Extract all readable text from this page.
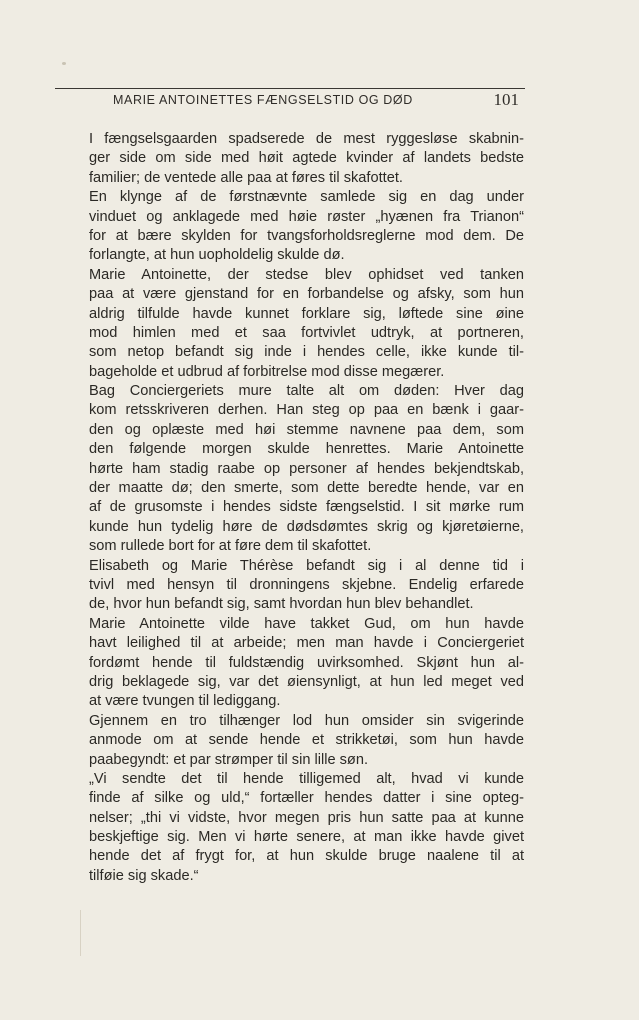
MARIE ANTOINETTES FÆNGSELSTID OG DØD	101
I fængselsgaarden spadserede de mest ryggesløse skabnin-
ger side om side med høit agtede kvinder af landets bedste
familier; de ventede alle paa at føres til skafottet.
En klynge af de førstnævnte samlede sig en dag under
vinduet og anklagede med høie røster „hyænen fra Trianon“
for at bære skylden for tvangsforholdsreglerne mod dem. De
forlangte, at hun uopholdelig skulde dø.
Marie Antoinette, der stedse blev ophidset ved tanken
paa at være gjenstand for en forbandelse og afsky, som hun
aldrig tilfulde havde kunnet forklare sig, løftede sine øine
mod himlen med et saa fortvivlet udtryk, at portneren,
som netop befandt sig inde i hendes celle, ikke kunde til-
bageholde et udbrud af forbitrelse mod disse megærer.
Bag Conciergeriets mure talte alt om døden: Hver dag
kom retsskriveren derhen. Han steg op paa en bænk i gaar-
den og oplæste med høi stemme navnene paa dem, som
den følgende morgen skulde henrettes. Marie Antoinette
hørte ham stadig raabe op personer af hendes bekjendtskab,
der maatte dø; den smerte, som dette beredte hende, var en
af de grusomste i hendes sidste fængselstid. I sit mørke rum
kunde hun tydelig høre de dødsdømtes skrig og kjøretøierne,
som rullede bort for at føre dem til skafottet.
Elisabeth og Marie Thérèse befandt sig i al denne tid i
tvivl med hensyn til dronningens skjebne. Endelig erfarede
de, hvor hun befandt sig, samt hvordan hun blev behandlet.
Marie Antoinette vilde have takket Gud, om hun havde
havt leilighed til at arbeide; men man havde i Conciergeriet
fordømt hende til fuldstændig uvirksomhed. Skjønt hun al-
drig beklagede sig, var det øiensynligt, at hun led meget ved
at være tvungen til lediggang.
Gjennem en tro tilhænger lod hun omsider sin svigerinde
anmode om at sende hende et strikketøi, som hun havde
paabegyndt: et par strømper til sin lille søn.
„Vi sendte det til hende tilligemed alt, hvad vi kunde
finde af silke og uld,“ fortæller hendes datter i sine opteg-
nelser; „thi vi vidste, hvor megen pris hun satte paa at kunne
beskjeftige sig. Men vi hørte senere, at man ikke havde givet
hende det af frygt for, at hun skulde bruge naalene til at
tilføie sig skade.“
